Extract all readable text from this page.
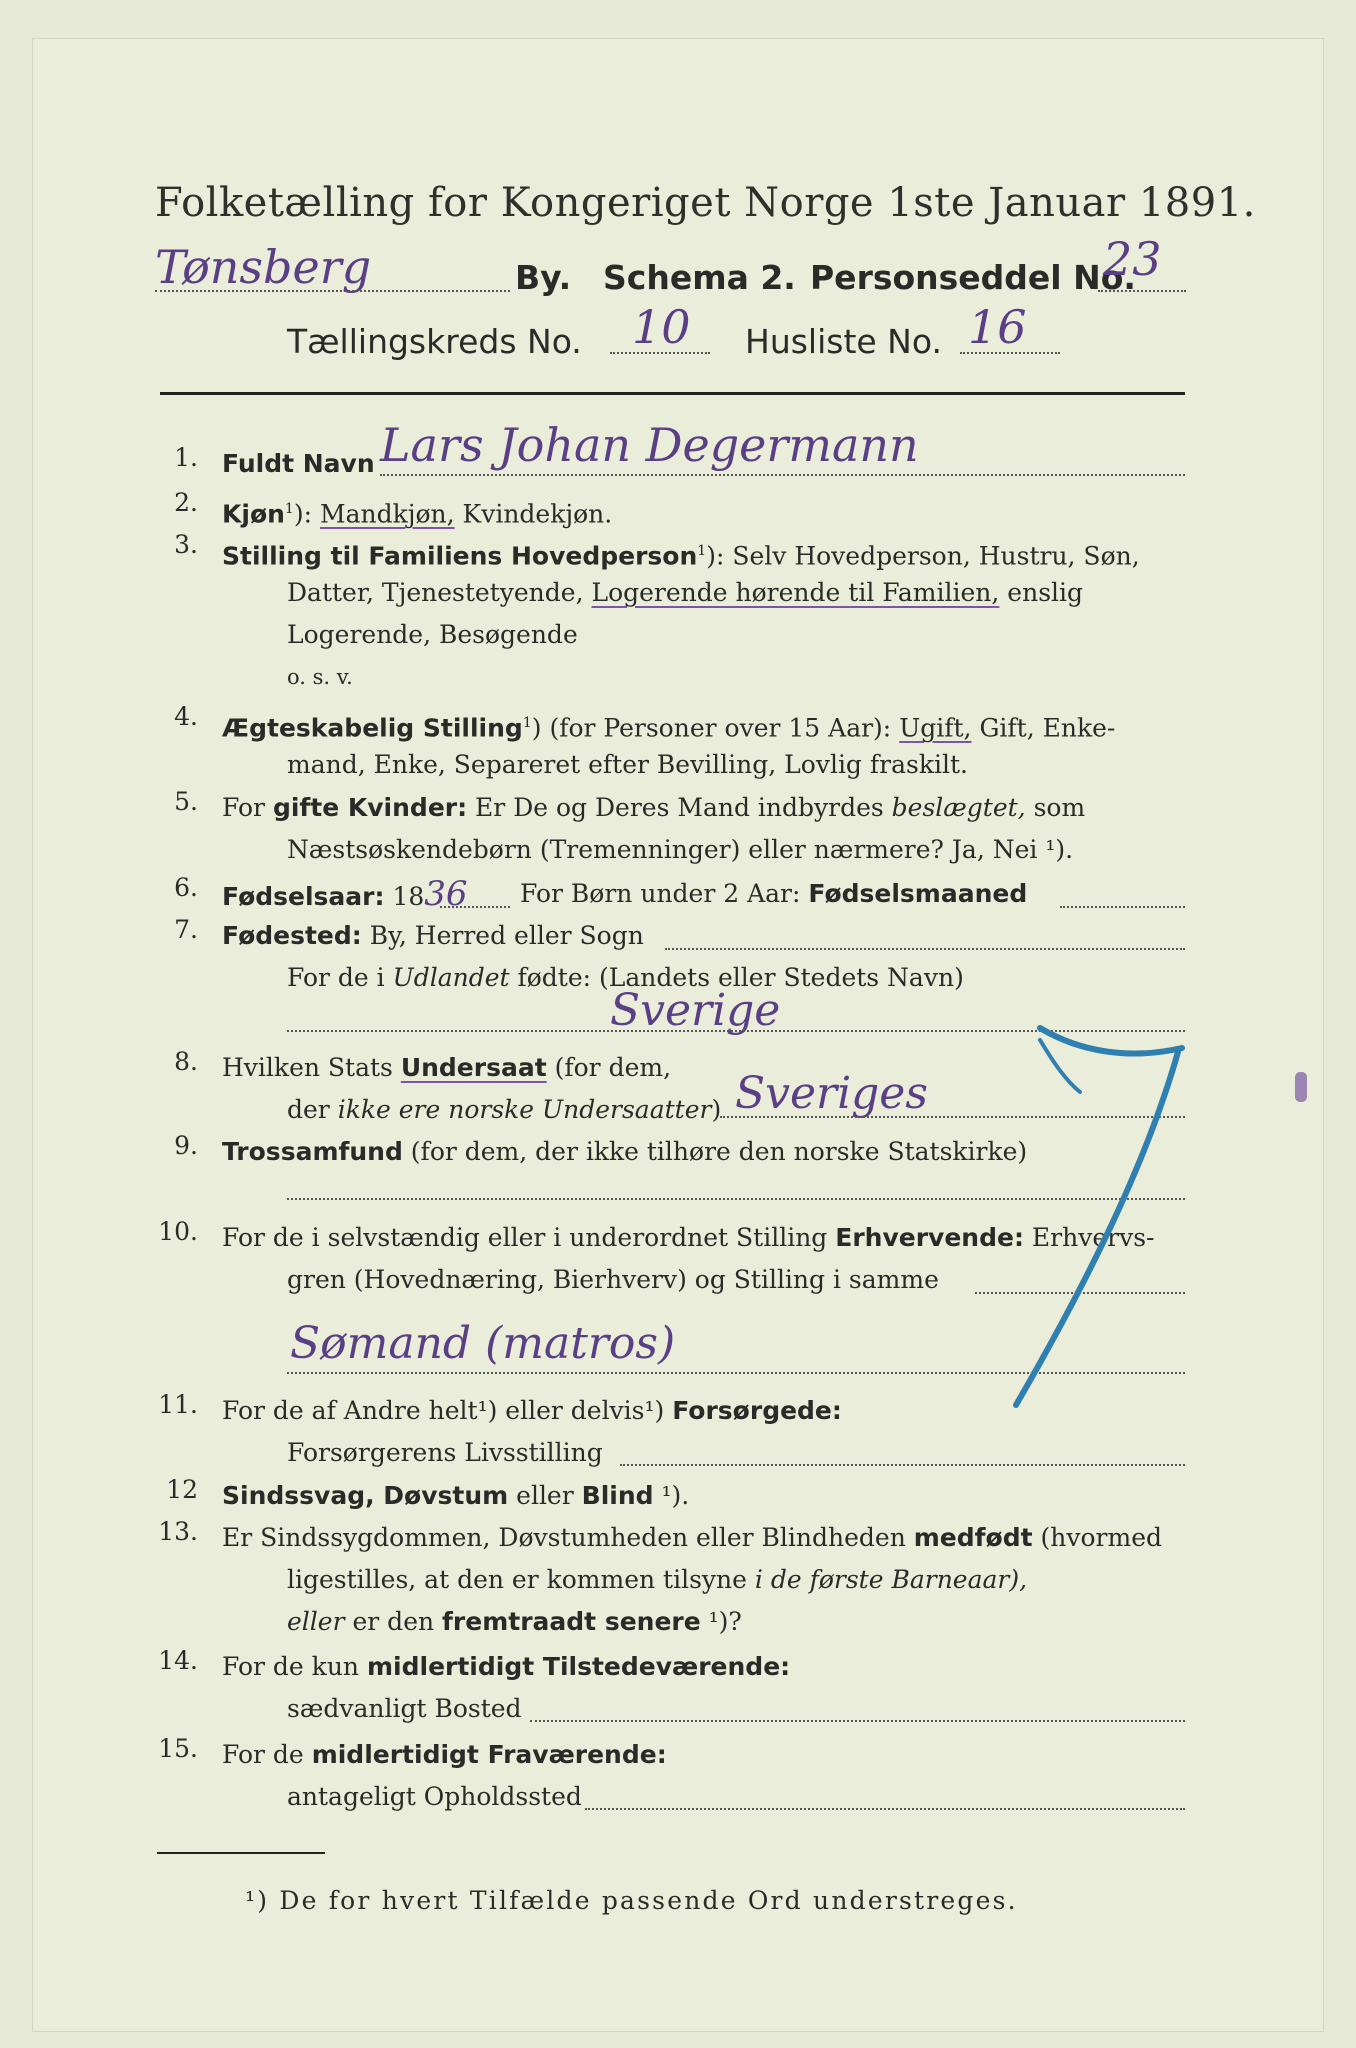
Folketælling for Kongeriget Norge 1ste Januar 1891.
Tønsberg	By. Schema 2. Personseddel No.
23
Tællingskreds No. 10 Husliste No. 16
1. Fuldt Navn Lars Johan Degermann
2. Kjøn$^1$): Mandkjøn, Kvindekjøn.
3. Stilling til Familiens Hovedperson$^1$): Selv Hovedperson, Hustru, Søn,
Datter, Tjenestetyende, Logerende hørende til Familien, enslig
Logerende, Besøgende
o. s. v.
4. Ægteskabelig Stilling$^1$) (for Personer over 15 Aar): Ugift, Gift, Enke-
mand, Enke, Separeret efter Bevilling, Lovlig fraskilt.
5. For gifte Kvinder: Er De og Deres Mand indbyrdes beslægtet, som
Næstsøskendebørn (Tremenninger) eller nærmere? Ja, Nei ¹).
6. Fødselsaar: 1836 For Børn under 2 Aar: Fødselsmaaned
7. Fødested: By, Herred eller Sogn
For de i Udlandet fødte: (Landets eller Stedets Navn)
Sverige
8. Hvilken Stats Undersaat (for dem,
der ikke ere norske Undersaatter) Sveriges
9. Trossamfund (for dem, der ikke tilhøre den norske Statskirke)
10. For de i selvstændig eller i underordnet Stilling Erhvervende: Erhvervs-
gren (Hovednæring, Bierhverv) og Stilling i samme
Sømand (matros)
11. For de af Andre helt¹) eller delvis¹) Forsørgede:
Forsørgerens Livsstilling
12 Sindssvag, Døvstum eller Blind ¹).
13. Er Sindssygdommen, Døvstumheden eller Blindheden medfødt (hvormed
ligestilles, at den er kommen tilsyne i de første Barneaar),
eller er den fremtraadt senere ¹)?
14. For de kun midlertidigt Tilstedeværende:
sædvanligt Bosted
15. For de midlertidigt Fraværende:
antageligt Opholdssted
¹) De for hvert Tilfælde passende Ord understreges.
